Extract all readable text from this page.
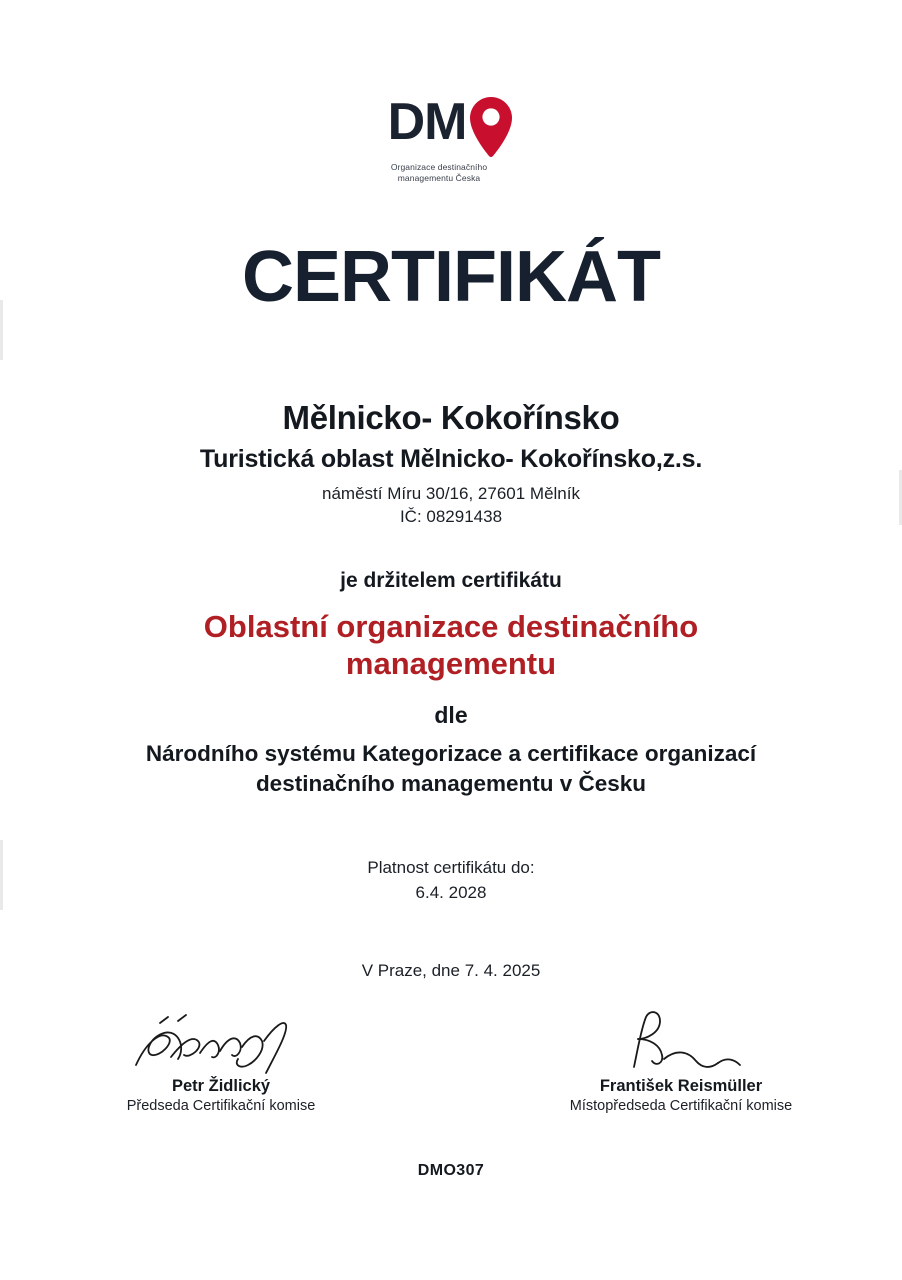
DM
Organizace destinačního
managementu Česka
CERTIFIKÁT
Mělnicko- Kokořínsko
Turistická oblast Mělnicko- Kokořínsko,z.s.
náměstí Míru 30/16, 27601 Mělník
IČ: 08291438
je držitelem certifikátu
Oblastní organizace destinačního
managementu
dle
Národního systému Kategorizace a certifikace organizací
destinačního managementu v Česku
Platnost certifikátu do:
6.4. 2028
V Praze, dne 7. 4. 2025
Petr Židlický
Předseda Certifikační komise
František Reismüller
Místopředseda Certifikační komise
DMO307
